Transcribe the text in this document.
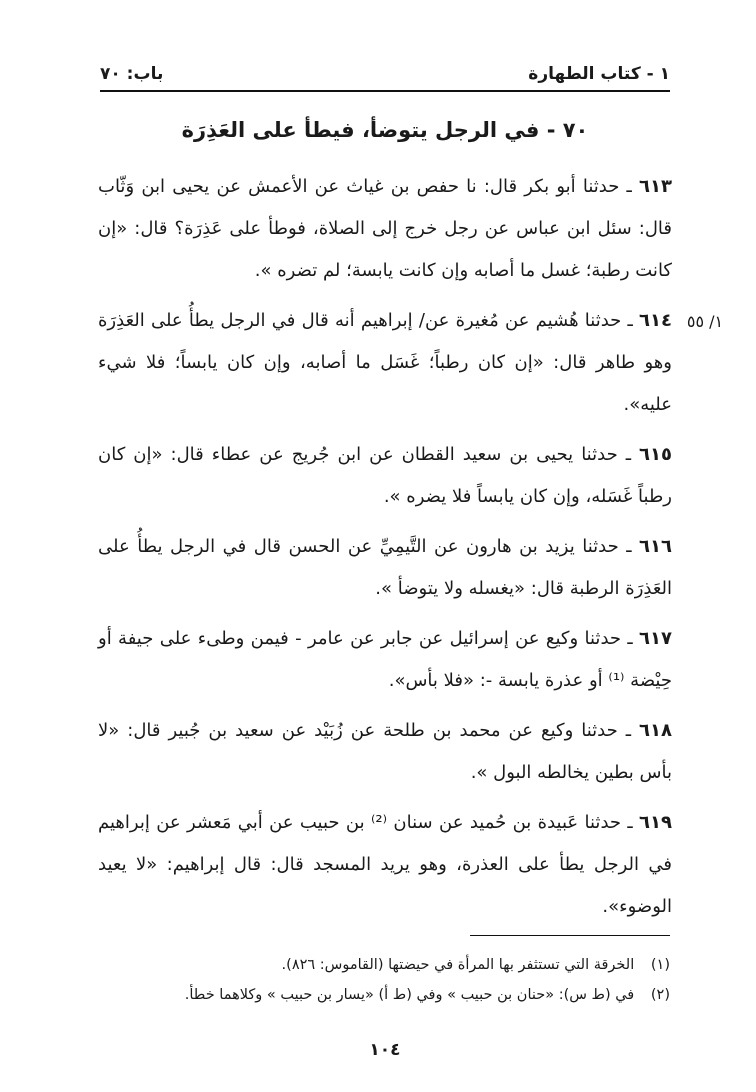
١ - كتاب الطهارة
باب: ٧٠
٧٠ - في الرجل يتوضأ، فيطأ على العَذِرَة
١/ ٥٥

٦١٣ ـ حدثنا أبو بكر قال: نا حفص بن غياث عن الأعمش عن يحيى ابن وَثّاب قال: سئل ابن عباس عن رجل خرج إلى الصلاة، فوطأ على عَذِرَة؟ قال: «إن كانت رطبة؛ غسل ما أصابه وإن كانت يابسة؛ لم تضره ».

٦١٤ ـ حدثنا هُشيم عن مُغيرة عن/ إبراهيم أنه قال في الرجل يطأُ على العَذِرَة وهو طاهر قال: «إن كان رطباً؛ غَسَل ما أصابه، وإن كان يابساً؛ فلا شيء عليه».

٦١٥ ـ حدثنا يحيى بن سعيد القطان عن ابن جُريج عن عطاء قال: «إن كان رطباً غَسَله، وإن كان يابساً فلا يضره ».

٦١٦ ـ حدثنا يزيد بن هارون عن التَّيمِيِّ عن الحسن قال في الرجل يطأُ على العَذِرَة الرطبة قال: «يغسله ولا يتوضأ ».

٦١٧ ـ حدثنا وكيع عن إسرائيل عن جابر عن عامر - فيمن وطىء على جيفة أو حِيْضة ⁽¹⁾ أو عذرة يابسة -: «فلا بأس».

٦١٨ ـ حدثنا وكيع عن محمد بن طلحة عن زُبَيْد عن سعيد بن جُبير قال: «لا بأس بطين يخالطه البول ».

٦١٩ ـ حدثنا عَبيدة بن حُميد عن سنان ⁽²⁾ بن حبيب عن أبي مَعشر عن إبراهيم في الرجل يطأ على العذرة، وهو يريد المسجد قال: قال إبراهيم: «لا يعيد الوضوء».

(١) الخرقة التي تستثفر بها المرأة في حيضتها (القاموس: ٨٢٦).
(٢) في (ط س): «حنان بن حبيب » وفي (ط أ) «يسار بن حبيب » وكلاهما خطأ.
١٠٤
